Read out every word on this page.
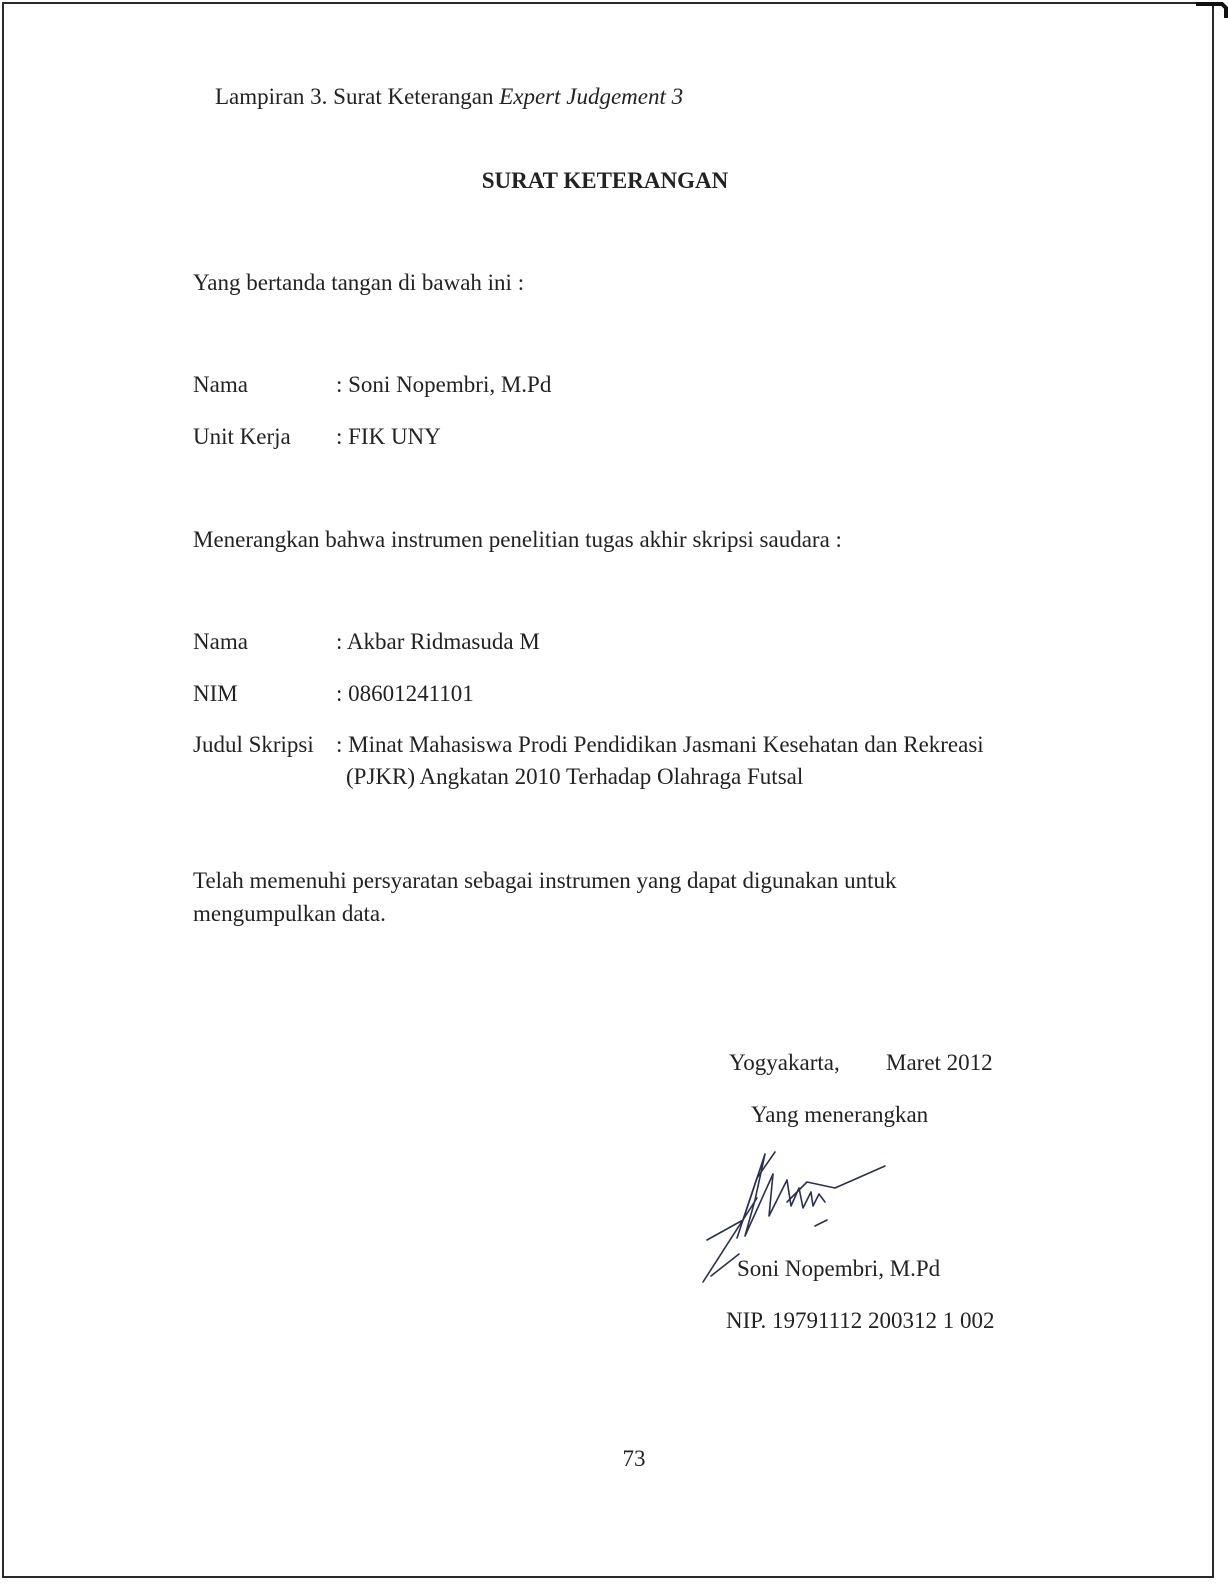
Lampiran 3. Surat Keterangan Expert Judgement 3
SURAT KETERANGAN
Yang bertanda tangan di bawah ini :
Nama	: Soni Nopembri, M.Pd
Unit Kerja : FIK UNY
Menerangkan bahwa instrumen penelitian tugas akhir skripsi saudara :
Nama	: Akbar Ridmasuda M
NIM	: 08601241101
Judul Skripsi : Minat Mahasiswa Prodi Pendidikan Jasmani Kesehatan dan Rekreasi
(PJKR) Angkatan 2010 Terhadap Olahraga Futsal
Telah memenuhi persyaratan sebagai instrumen yang dapat digunakan untuk mengumpulkan data.
Yogyakarta, Maret 2012
Yang menerangkan
Soni Nopembri, M.Pd
NIP. 19791112 200312 1 002
73
